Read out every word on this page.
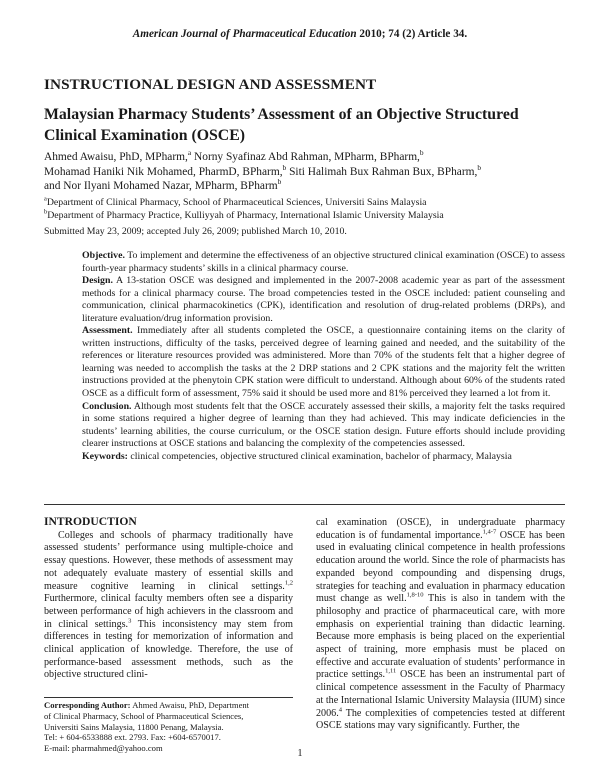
American Journal of Pharmaceutical Education 2010; 74 (2) Article 34.
INSTRUCTIONAL DESIGN AND ASSESSMENT
Malaysian Pharmacy Students’ Assessment of an Objective Structured Clinical Examination (OSCE)

Ahmed Awaisu, PhD, MPharm,$^a$ Norny Syafinaz Abd Rahman, MPharm, BPharm,$^b$

Mohamad Haniki Nik Mohamed, PharmD, BPharm,$^b$ Siti Halimah Bux Rahman Bux, BPharm,$^b$

and Nor Ilyani Mohamed Nazar, MPharm, BPharm$^b$

$^a$Department of Clinical Pharmacy, School of Pharmaceutical Sciences, Universiti Sains Malaysia

$^b$Department of Pharmacy Practice, Kulliyyah of Pharmacy, International Islamic University Malaysia

Submitted May 23, 2009; accepted July 26, 2009; published March 10, 2010.

Objective. To implement and determine the effectiveness of an objective structured clinical examination (OSCE) to assess fourth-year pharmacy students’ skills in a clinical pharmacy course.

Design. A 13-station OSCE was designed and implemented in the 2007-2008 academic year as part of the assessment methods for a clinical pharmacy course. The broad competencies tested in the OSCE included: patient counseling and communication, clinical pharmacokinetics (CPK), identification and resolution of drug-related problems (DRPs), and literature evaluation/drug information provision.

Assessment. Immediately after all students completed the OSCE, a questionnaire containing items on the clarity of written instructions, difficulty of the tasks, perceived degree of learning gained and needed, and the suitability of the references or literature resources provided was administered. More than 70% of the students felt that a higher degree of learning was needed to accomplish the tasks at the 2 DRP stations and 2 CPK stations and the majority felt the written instructions provided at the phenytoin CPK station were difficult to understand. Although about 60% of the students rated OSCE as a difficult form of assessment, 75% said it should be used more and 81% perceived they learned a lot from it.

Conclusion. Although most students felt that the OSCE accurately assessed their skills, a majority felt the tasks required in some stations required a higher degree of learning than they had achieved. This may indicate deficiencies in the students’ learning abilities, the course curriculum, or the OSCE station design. Future efforts should include providing clearer instructions at OSCE stations and balancing the complexity of the competencies assessed.

Keywords: clinical competencies, objective structured clinical examination, bachelor of pharmacy, Malaysia

INTRODUCTION

Colleges and schools of pharmacy traditionally have assessed students’ performance using multiple-choice and essay questions. However, these methods of assessment may not adequately evaluate mastery of essential skills and measure cognitive learning in clinical settings.$^{1,2}$ Furthermore, clinical faculty members often see a disparity between performance of high achievers in the classroom and in clinical settings.$^3$ This inconsistency may stem from differences in testing for memorization of information and clinical application of knowledge. Therefore, the use of performance-based assessment methods, such as the objective structured clini-

Corresponding Author: Ahmed Awaisu, PhD, Department

of Clinical Pharmacy, School of Pharmaceutical Sciences,

Universiti Sains Malaysia, 11800 Penang, Malaysia.

Tel: + 604-6533888 ext. 2793. Fax: +604-6570017.

E-mail: pharmahmed@yahoo.com

cal examination (OSCE), in undergraduate pharmacy education is of fundamental importance.$^{1,4-7}$ OSCE has been used in evaluating clinical competence in health professions education around the world. Since the role of pharmacists has expanded beyond compounding and dispensing drugs, strategies for teaching and evaluation in pharmacy education must change as well.$^{1,8-10}$ This is also in tandem with the philosophy and practice of pharmaceutical care, with more emphasis on experiential training than didactic learning. Because more emphasis is being placed on the experiential aspect of training, more emphasis must be placed on effective and accurate evaluation of students’ performance in practice settings.$^{1,11}$ OSCE has been an instrumental part of clinical competence assessment in the Faculty of Pharmacy at the International Islamic University Malaysia (IIUM) since 2006.$^4$ The complexities of competencies tested at different OSCE stations may vary significantly. Further, the

1
